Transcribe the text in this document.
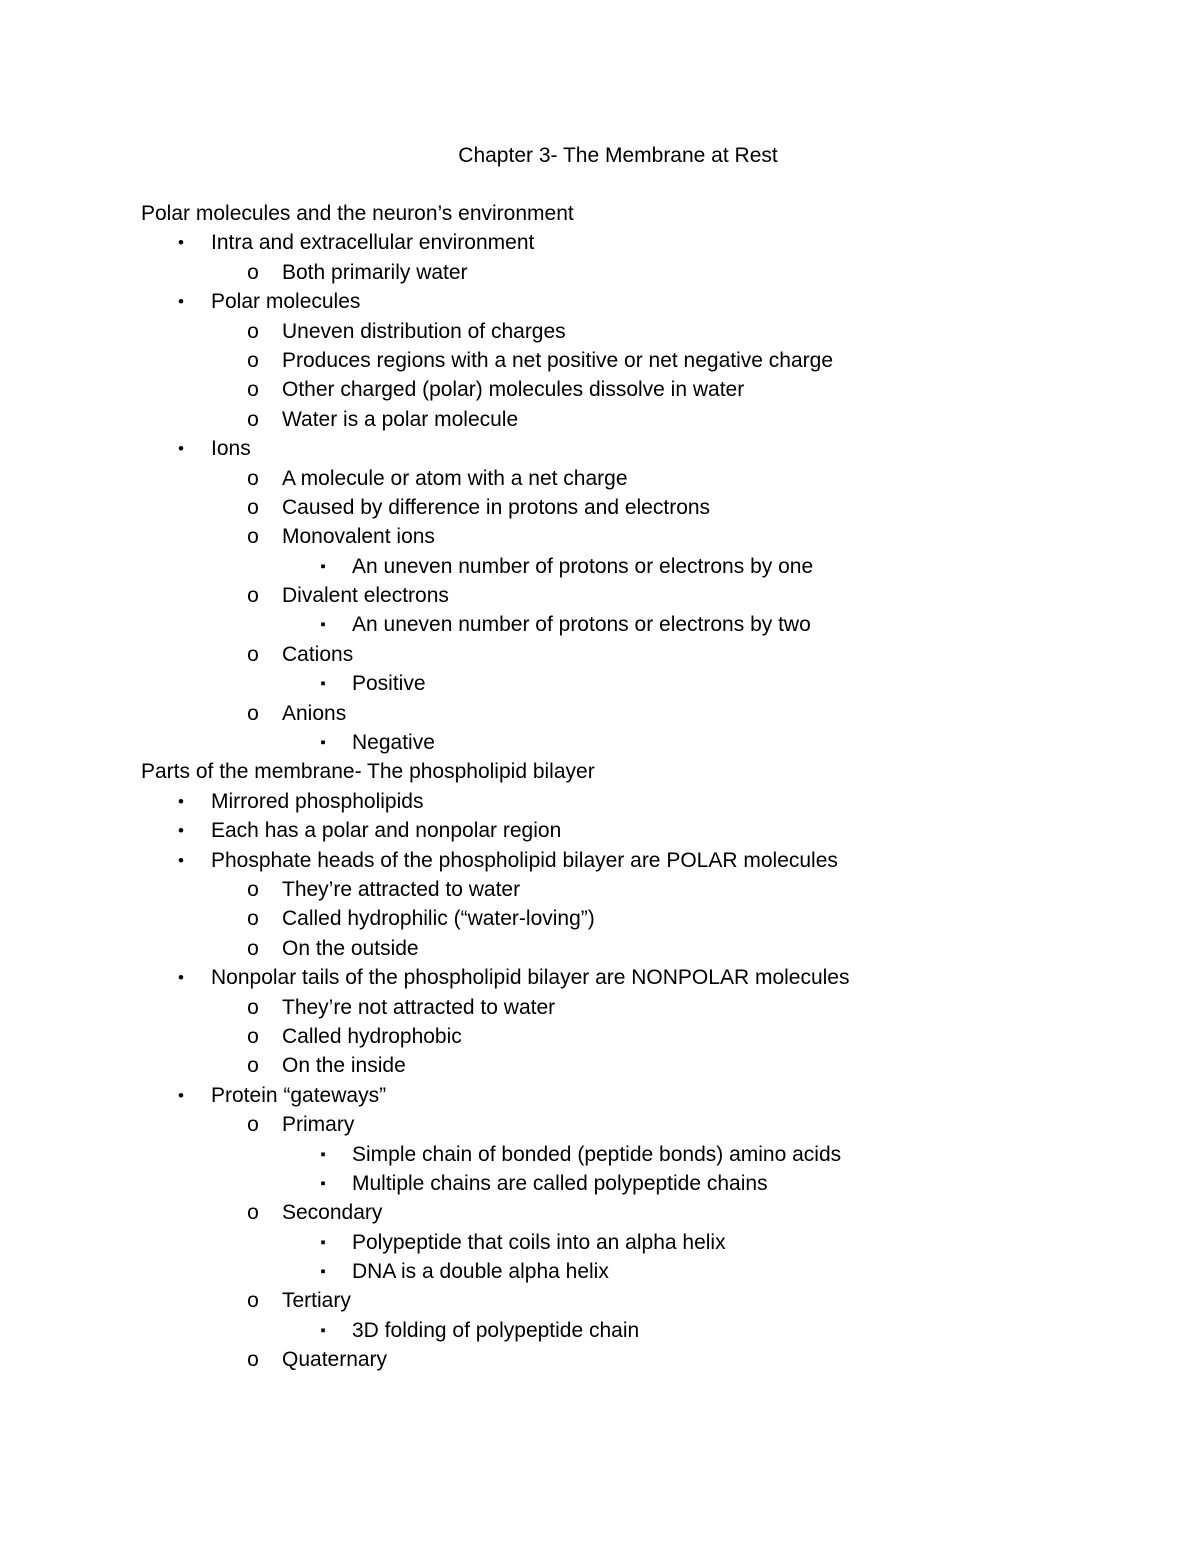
Chapter 3- The Membrane at Rest
Polar molecules and the neuron’s environment
• Intra and extracellular environment
o Both primarily water
• Polar molecules
o Uneven distribution of charges
o Produces regions with a net positive or net negative charge
o Other charged (polar) molecules dissolve in water
o Water is a polar molecule
• Ions
o A molecule or atom with a net charge
o Caused by difference in protons and electrons
o Monovalent ions
▪ An uneven number of protons or electrons by one
o Divalent electrons
▪ An uneven number of protons or electrons by two
o Cations
▪ Positive
o Anions
▪ Negative
Parts of the membrane- The phospholipid bilayer
• Mirrored phospholipids
• Each has a polar and nonpolar region
• Phosphate heads of the phospholipid bilayer are POLAR molecules
o They’re attracted to water
o Called hydrophilic (“water-loving”)
o On the outside
• Nonpolar tails of the phospholipid bilayer are NONPOLAR molecules
o They’re not attracted to water
o Called hydrophobic
o On the inside
• Protein “gateways”
o Primary
▪ Simple chain of bonded (peptide bonds) amino acids
▪ Multiple chains are called polypeptide chains
o Secondary
▪ Polypeptide that coils into an alpha helix
▪ DNA is a double alpha helix
o Tertiary
▪ 3D folding of polypeptide chain
o Quaternary
